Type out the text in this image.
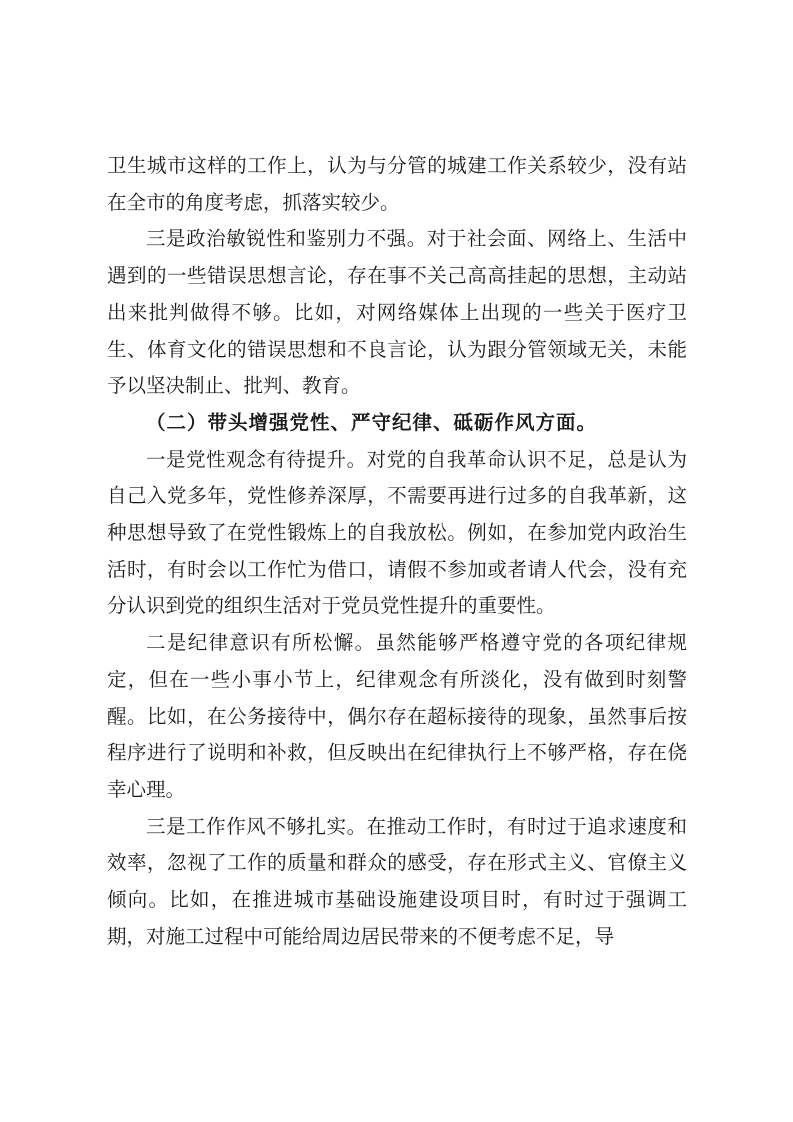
卫生城市这样的工作上，认为与分管的城建工作关系较少，没有站在全市的角度考虑，抓落实较少。

三是政治敏锐性和鉴别力不强。对于社会面、网络上、生活中遇到的一些错误思想言论，存在事不关己高高挂起的思想，主动站出来批判做得不够。比如，对网络媒体上出现的一些关于医疗卫生、体育文化的错误思想和不良言论，认为跟分管领域无关，未能予以坚决制止、批判、教育。

（二）带头增强党性、严守纪律、砥砺作风方面。

一是党性观念有待提升。对党的自我革命认识不足，总是认为自己入党多年，党性修养深厚，不需要再进行过多的自我革新，这种思想导致了在党性锻炼上的自我放松。例如，在参加党内政治生活时，有时会以工作忙为借口，请假不参加或者请人代会，没有充分认识到党的组织生活对于党员党性提升的重要性。

二是纪律意识有所松懈。虽然能够严格遵守党的各项纪律规定，但在一些小事小节上，纪律观念有所淡化，没有做到时刻警醒。比如，在公务接待中，偶尔存在超标接待的现象，虽然事后按程序进行了说明和补救，但反映出在纪律执行上不够严格，存在侥幸心理。

三是工作作风不够扎实。在推动工作时，有时过于追求速度和效率，忽视了工作的质量和群众的感受，存在形式主义、官僚主义倾向。比如，在推进城市基础设施建设项目时，有时过于强调工期，对施工过程中可能给周边居民带来的不便考虑不足，导
